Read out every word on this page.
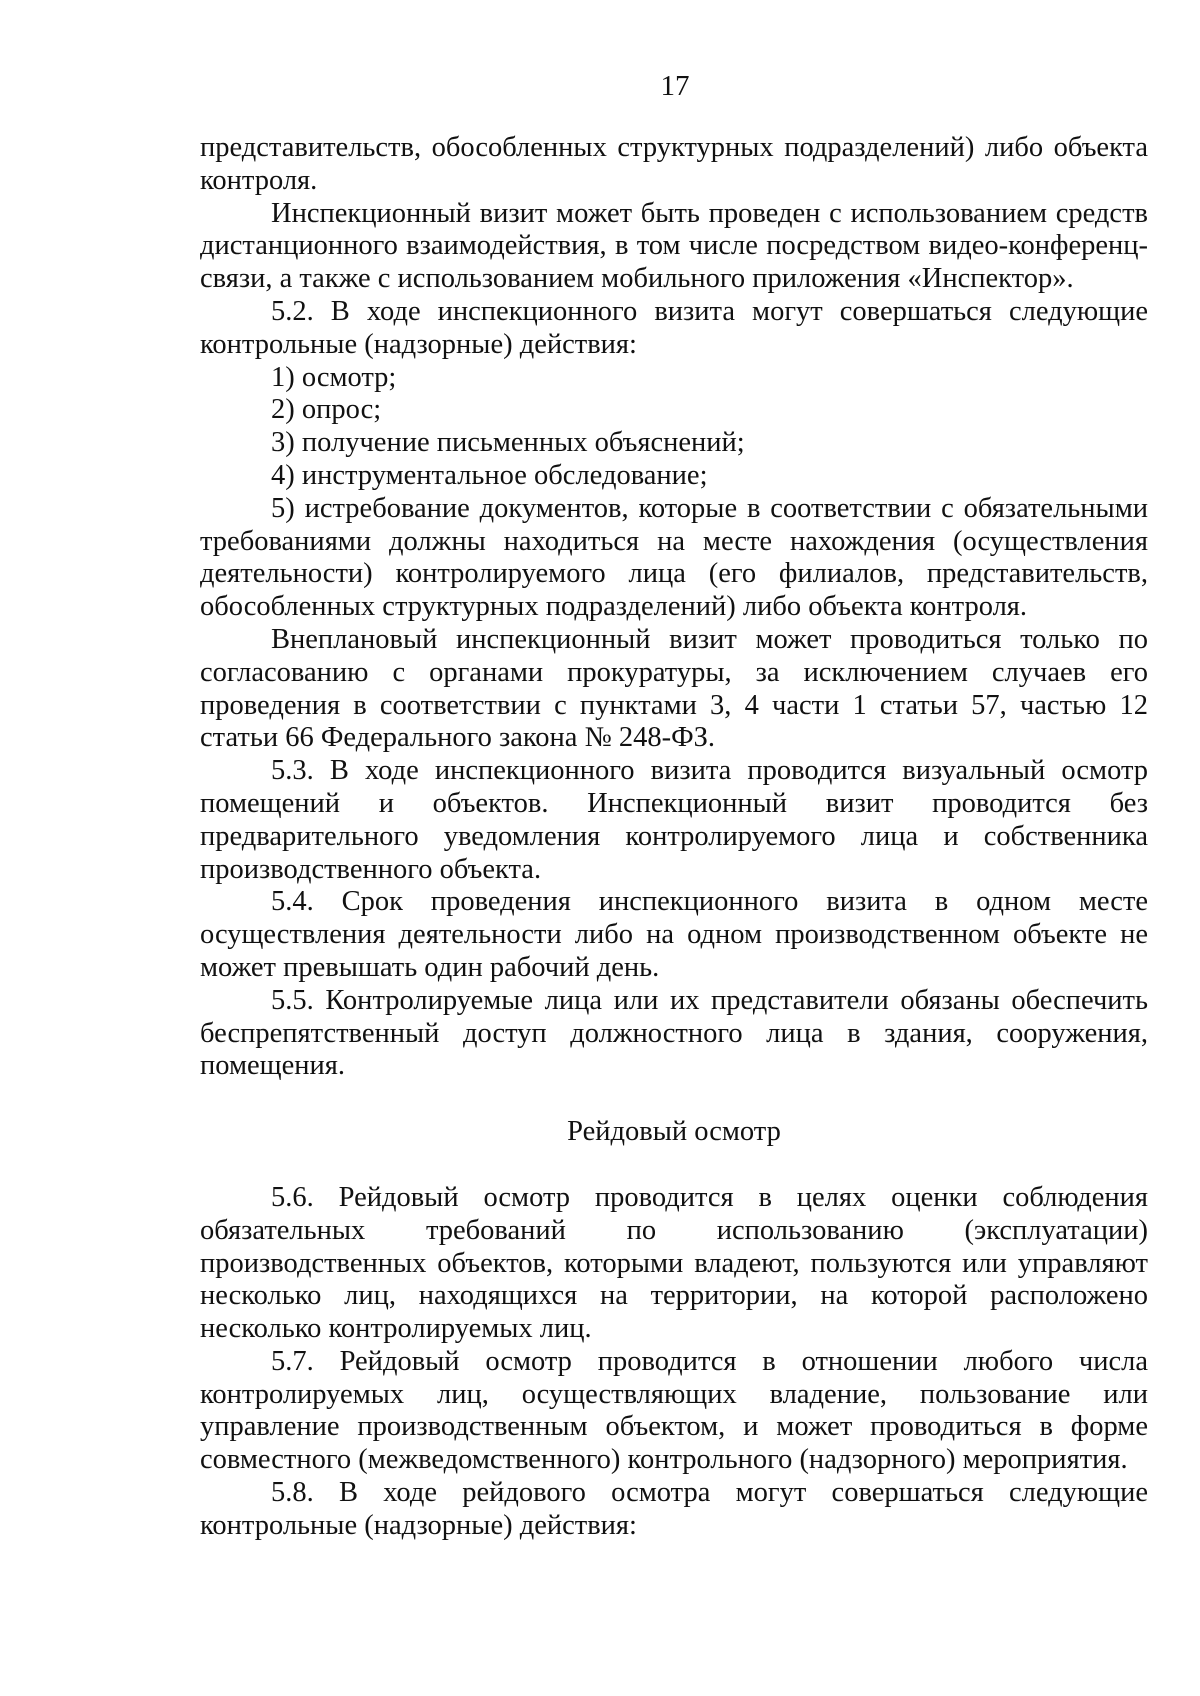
17

представительств, обособленных структурных подразделений) либо объекта контроля.

Инспекционный визит может быть проведен с использованием средств дистанционного взаимодействия, в том числе посредством видео-конференц-связи, а также с использованием мобильного приложения «Инспектор».

5.2. В ходе инспекционного визита могут совершаться следующие контрольные (надзорные) действия:

1) осмотр;

2) опрос;

3) получение письменных объяснений;

4) инструментальное обследование;

5) истребование документов, которые в соответствии с обязательными требованиями должны находиться на месте нахождения (осуществления деятельности) контролируемого лица (его филиалов, представительств, обособленных структурных подразделений) либо объекта контроля.

Внеплановый инспекционный визит может проводиться только по согласованию с органами прокуратуры, за исключением случаев его проведения в соответствии с пунктами 3, 4 части 1 статьи 57, частью 12 статьи 66 Федерального закона № 248-ФЗ.

5.3. В ходе инспекционного визита проводится визуальный осмотр помещений и объектов. Инспекционный визит проводится без предварительного уведомления контролируемого лица и собственника производственного объекта.

5.4. Срок проведения инспекционного визита в одном месте осуществления деятельности либо на одном производственном объекте не может превышать один рабочий день.

5.5. Контролируемые лица или их представители обязаны обеспечить беспрепятственный доступ должностного лица в здания, сооружения, помещения.

Рейдовый осмотр

5.6. Рейдовый осмотр проводится в целях оценки соблюдения обязательных требований по использованию (эксплуатации) производственных объектов, которыми владеют, пользуются или управляют несколько лиц, находящихся на территории, на которой расположено несколько контролируемых лиц.

5.7. Рейдовый осмотр проводится в отношении любого числа контролируемых лиц, осуществляющих владение, пользование или управление производственным объектом, и может проводиться в форме совместного (межведомственного) контрольного (надзорного) мероприятия.

5.8. В ходе рейдового осмотра могут совершаться следующие контрольные (надзорные) действия:
